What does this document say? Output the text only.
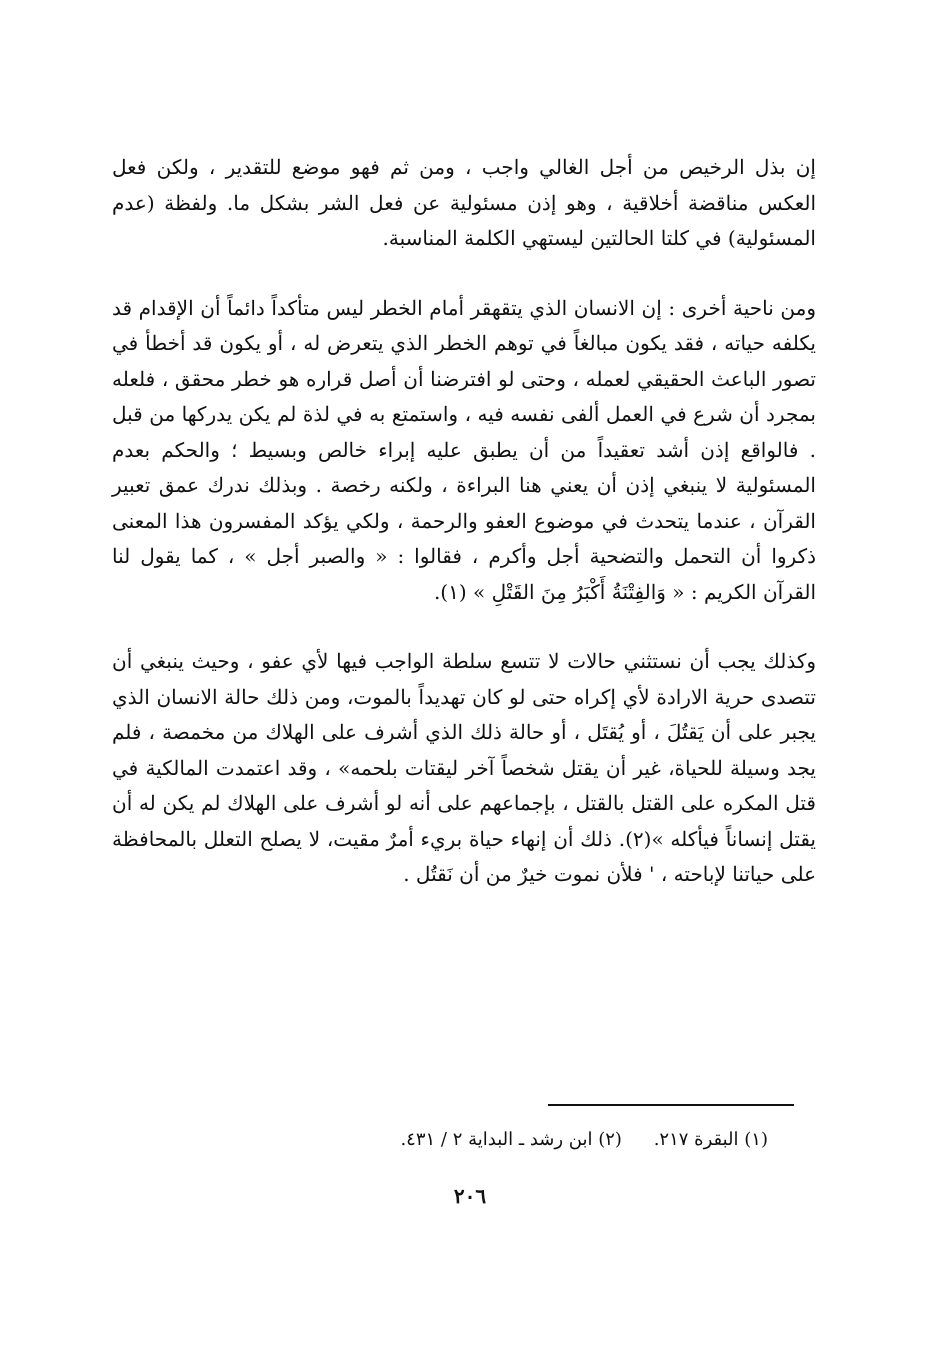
إن بذل الرخيص من أجل الغالي واجب ، ومن ثم فهو موضع للتقدير ، ولكن فعل العكس مناقضة أخلاقية ، وهو إذن مسئولية عن فعل الشر بشكل ما. ولفظة (عدم المسئولية) في كلتا الحالتين ليستهي الكلمة المناسبة.

ومن ناحية أخرى : إن الانسان الذي يتقهقر أمام الخطر ليس متأكداً دائماً أن الإقدام قد يكلفه حياته ، فقد يكون مبالغاً في توهم الخطر الذي يتعرض له ، أو يكون قد أخطأ في تصور الباعث الحقيقي لعمله ، وحتى لو افترضنا أن أصل قراره هو خطر محقق ، فلعله بمجرد أن شرع في العمل ألفى نفسه فيه ، واستمتع به في لذة لم يكن يدركها من قبل . فالواقع إذن أشد تعقيداً من أن يطبق عليه إبراء خالص وبسيط ؛ والحكم بعدم المسئولية لا ينبغي إذن أن يعني هنا البراءة ، ولكنه رخصة . وبذلك ندرك عمق تعبير القرآن ، عندما يتحدث في موضوع العفو والرحمة ، ولكي يؤكد المفسرون هذا المعنى ذكروا أن التحمل والتضحية أجل وأكرم ، فقالوا : « والصبر أجل » ، كما يقول لنا القرآن الكريم : « وَالفِتْنَةُ أَكْبَرُ مِنَ القَتْلِ » (١).

وكذلك يجب أن نستثني حالات لا تتسع سلطة الواجب فيها لأي عفو ، وحيث ينبغي أن تتصدى حرية الارادة لأي إكراه حتى لو كان تهديداً بالموت، ومن ذلك حالة الانسان الذي يجبر على أن يَقتُلَ ، أو يُقتَل ، أو حالة ذلك الذي أشرف على الهلاك من مخمصة ، فلم يجد وسيلة للحياة، غير أن يقتل شخصاً آخر ليقتات بلحمه» ، وقد اعتمدت المالكية في قتل المكره على القتل بالقتل ، بإجماعهم على أنه لو أشرف على الهلاك لم يكن له أن يقتل إنساناً فيأكله »(٢). ذلك أن إنهاء حياة بريء أمرٌ مقيت، لا يصلح التعلل بالمحافظة على حياتنا لإباحته ، ' فلأن نموت خيرٌ من أن نَقتُل .

(١) البقرة ٢١٧. (٢) ابن رشد ـ البداية ٢ / ٤٣١.
٢٠٦
